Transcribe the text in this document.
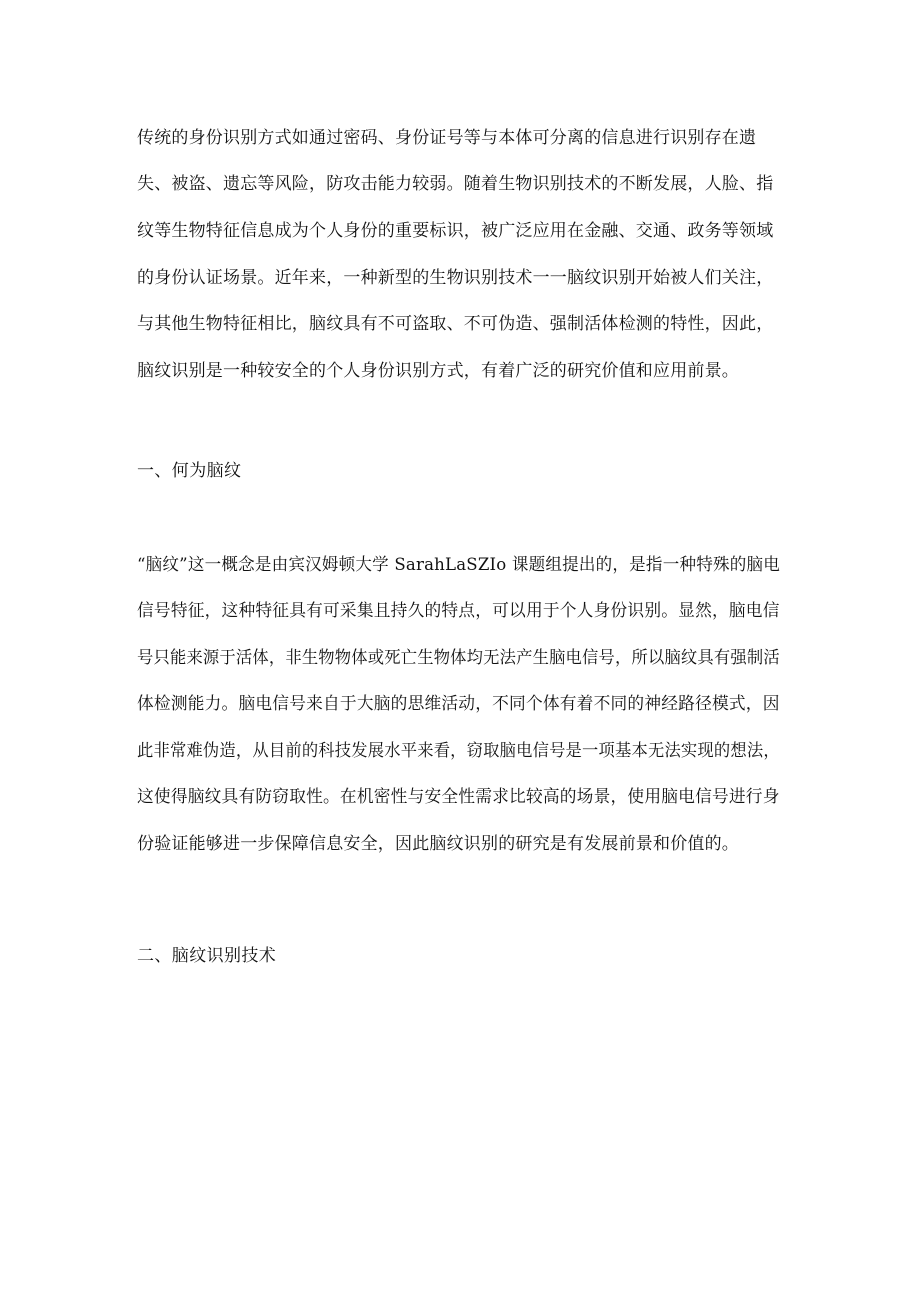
传统的身份识别方式如通过密码、身份证号等与本体可分离的信息进行识别存在遗
失、被盗、遗忘等风险，防攻击能力较弱。随着生物识别技术的不断发展，人脸、指
纹等生物特征信息成为个人身份的重要标识，被广泛应用在金融、交通、政务等领域
的身份认证场景。近年来，一种新型的生物识别技术一一脑纹识别开始被人们关注，
与其他生物特征相比，脑纹具有不可盗取、不可伪造、强制活体检测的特性，因此，
脑纹识别是一种较安全的个人身份识别方式，有着广泛的研究价值和应用前景。
一、何为脑纹
“脑纹”这一概念是由宾汉姆顿大学 SarahLaSZIo 课题组提出的，是指一种特殊的脑电
信号特征，这种特征具有可采集且持久的特点，可以用于个人身份识别。显然，脑电信
号只能来源于活体，非生物物体或死亡生物体均无法产生脑电信号，所以脑纹具有强制活
体检测能力。脑电信号来自于大脑的思维活动，不同个体有着不同的神经路径模式，因
此非常难伪造，从目前的科技发展水平来看，窃取脑电信号是一项基本无法实现的想法，
这使得脑纹具有防窃取性。在机密性与安全性需求比较高的场景，使用脑电信号进行身
份验证能够进一步保障信息安全，因此脑纹识别的研究是有发展前景和价值的。
二、脑纹识别技术
